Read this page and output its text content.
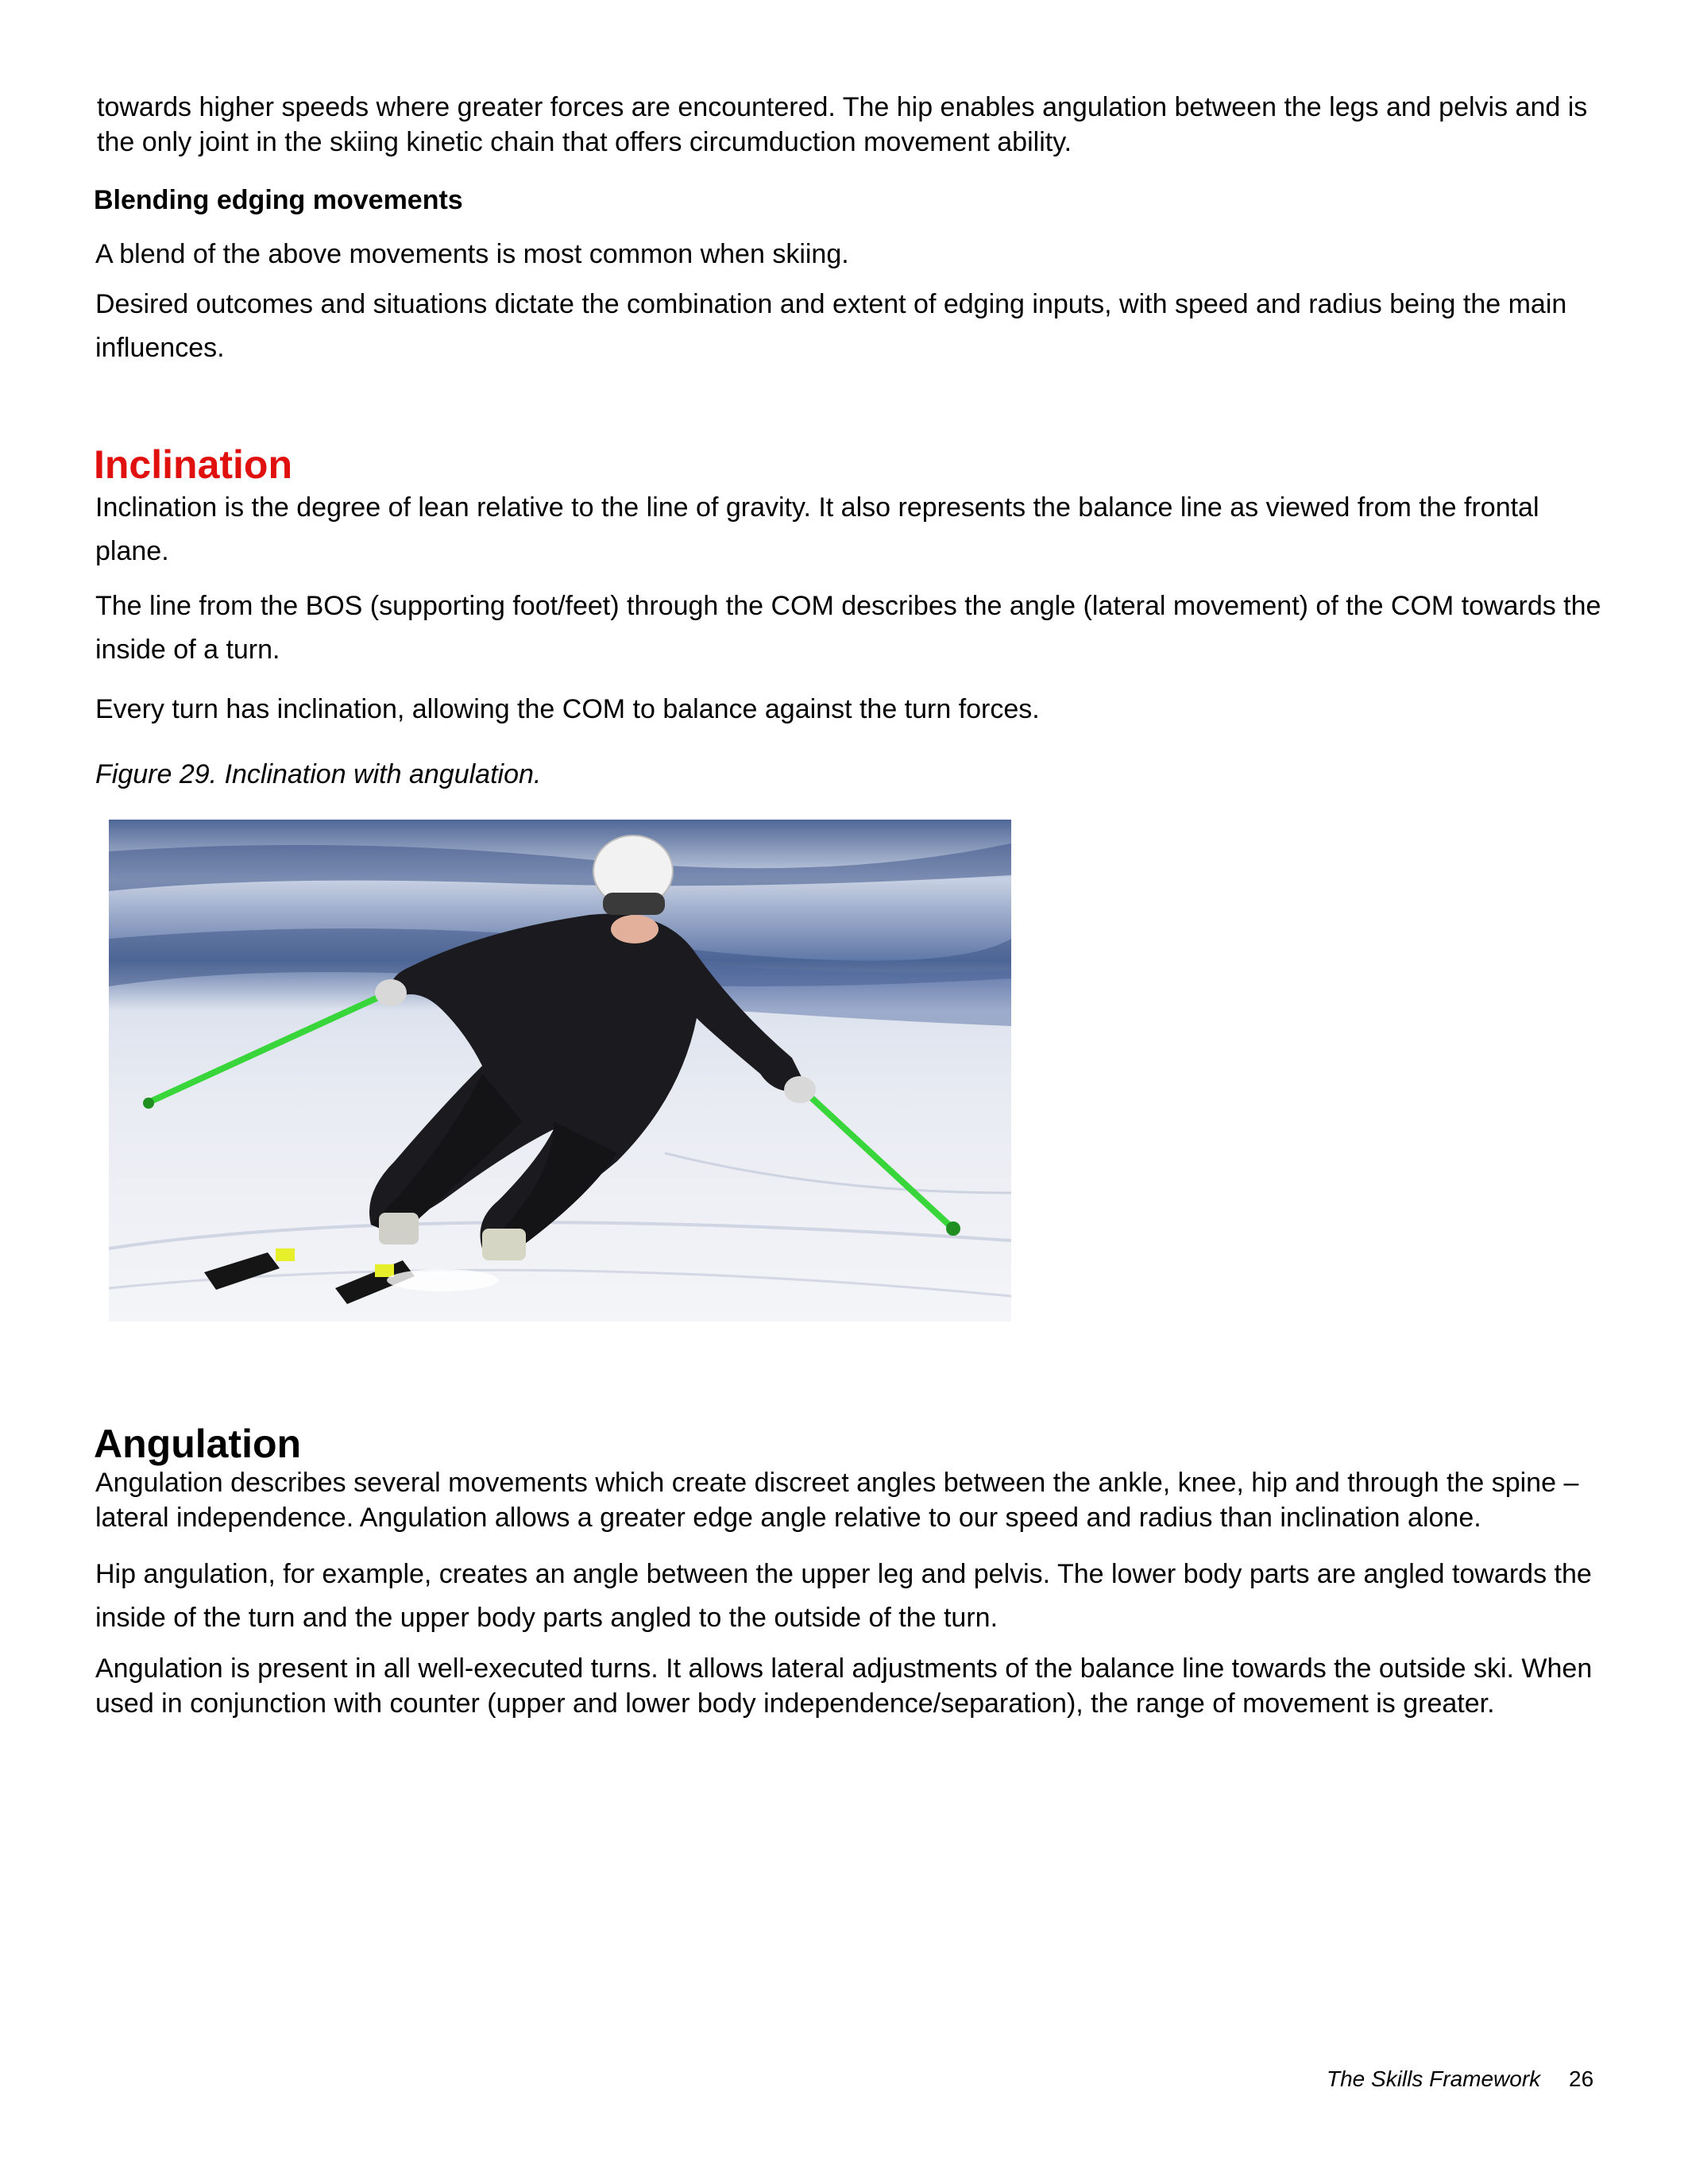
towards higher speeds where greater forces are encountered. The hip enables angulation between the legs and pelvis and is the only joint in the skiing kinetic chain that offers circumduction movement ability.

Blending edging movements

A blend of the above movements is most common when skiing.

Desired outcomes and situations dictate the combination and extent of edging inputs, with speed and radius being the main influences.

Inclination

Inclination is the degree of lean relative to the line of gravity. It also represents the balance line as viewed from the frontal plane.

The line from the BOS (supporting foot/feet) through the COM describes the angle (lateral movement) of the COM towards the inside of a turn.

Every turn has inclination, allowing the COM to balance against the turn forces.

Figure 29. Inclination with angulation.
Angulation

Angulation describes several movements which create discreet angles between the ankle, knee, hip and through the spine – lateral independence. Angulation allows a greater edge angle relative to our speed and radius than inclination alone.

Hip angulation, for example, creates an angle between the upper leg and pelvis. The lower body parts are angled towards the inside of the turn and the upper body parts angled to the outside of the turn.

Angulation is present in all well-executed turns. It allows lateral adjustments of the balance line towards the outside ski. When used in conjunction with counter (upper and lower body independence/separation), the range of movement is greater.

The Skills Framework 26
